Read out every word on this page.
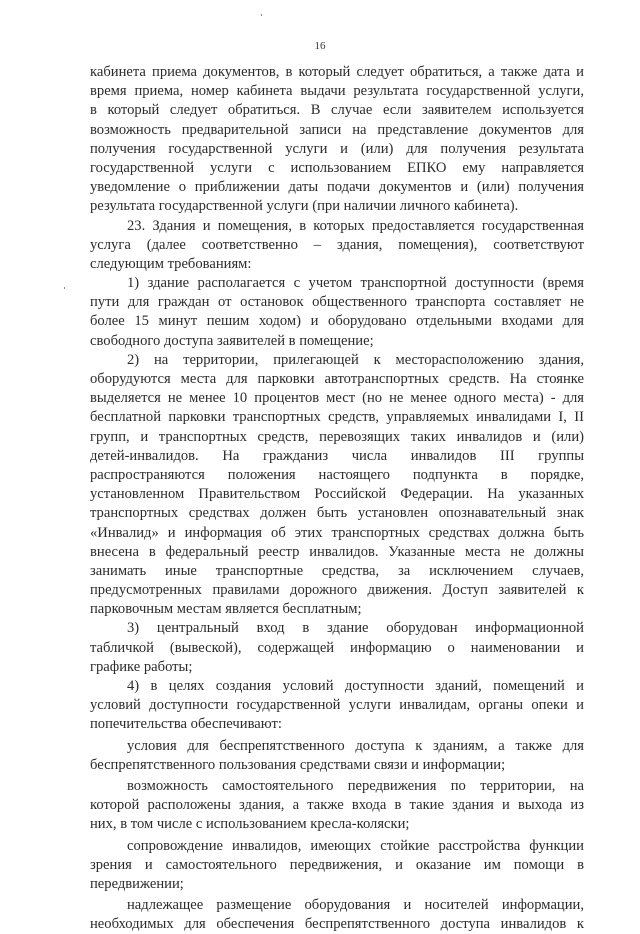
16
кабинета приема документов, в который следует обратиться, а также дата и
время приема, номер кабинета выдачи результата государственной услуги,
в который следует обратиться. В случае если заявителем используется
возможность предварительной записи на представление документов для
получения государственной услуги и (или) для получения результата
государственной услуги с использованием ЕПКО ему направляется
уведомление о приближении даты подачи документов и (или) получения
результата государственной услуги (при наличии личного кабинета).
23. Здания и помещения, в которых предоставляется государственная
услуга (далее соответственно – здания, помещения), соответствуют
следующим требованиям:
1) здание располагается с учетом транспортной доступности (время
пути для граждан от остановок общественного транспорта составляет не
более 15 минут пешим ходом) и оборудовано отдельными входами для
свободного доступа заявителей в помещение;
2) на территории, прилегающей к месторасположению здания,
оборудуются места для парковки автотранспортных средств. На стоянке
выделяется не менее 10 процентов мест (но не менее одного места) - для
бесплатной парковки транспортных средств, управляемых инвалидами I, II
групп, и транспортных средств, перевозящих таких инвалидов и (или)
детей-инвалидов. На гражданиз числа инвалидов III группы
распространяются положения настоящего подпункта в порядке,
установленном Правительством Российской Федерации. На указанных
транспортных средствах должен быть установлен опознавательный знак
«Инвалид» и информация об этих транспортных средствах должна быть
внесена в федеральный реестр инвалидов. Указанные места не должны
занимать иные транспортные средства, за исключением случаев,
предусмотренных правилами дорожного движения. Доступ заявителей к
парковочным местам является бесплатным;
3) центральный вход в здание оборудован информационной
табличкой (вывеской), содержащей информацию о наименовании и
графике работы;
4) в целях создания условий доступности зданий, помещений и
условий доступности государственной услуги инвалидам, органы опеки и
попечительства обеспечивают:
условия для беспрепятственного доступа к зданиям, а также для
беспрепятственного пользования средствами связи и информации;
возможность самостоятельного передвижения по территории, на
которой расположены здания, а также входа в такие здания и выхода из
них, в том числе с использованием кресла-коляски;
сопровождение инвалидов, имеющих стойкие расстройства функции
зрения и самостоятельного передвижения, и оказание им помощи в
передвижении;
надлежащее размещение оборудования и носителей информации,
необходимых для обеспечения беспрепятственного доступа инвалидов к
